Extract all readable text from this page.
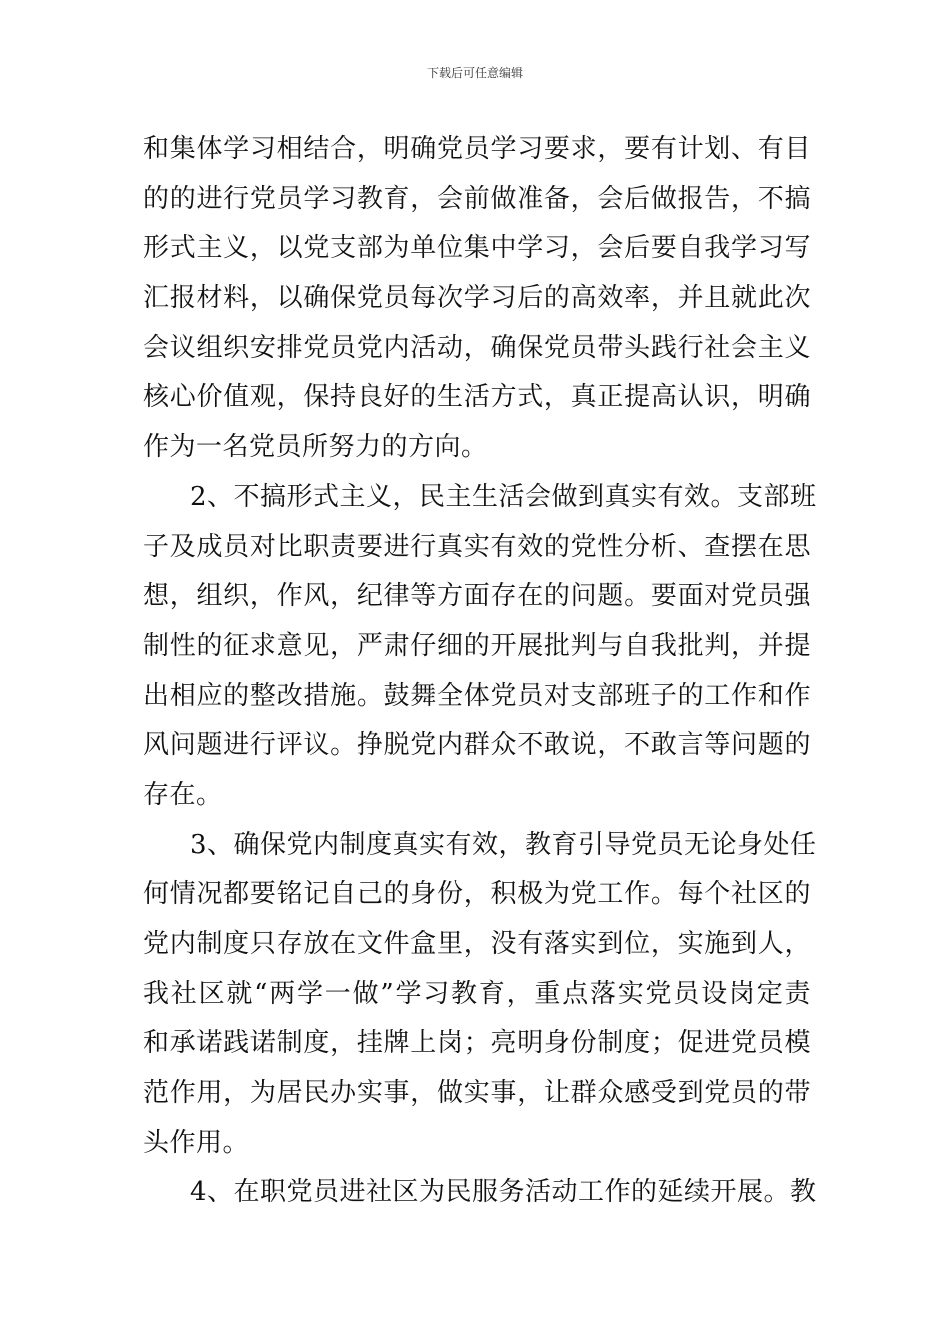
下载后可任意编辑
和集体学习相结合，明确党员学习要求，要有计划、有目
的的进行党员学习教育，会前做准备，会后做报告，不搞
形式主义，以党支部为单位集中学习，会后要自我学习写
汇报材料，以确保党员每次学习后的高效率，并且就此次
会议组织安排党员党内活动，确保党员带头践行社会主义
核心价值观，保持良好的生活方式，真正提高认识，明确
作为一名党员所努力的方向。
2、不搞形式主义，民主生活会做到真实有效。支部班
子及成员对比职责要进行真实有效的党性分析、查摆在思
想，组织，作风，纪律等方面存在的问题。要面对党员强
制性的征求意见，严肃仔细的开展批判与自我批判，并提
出相应的整改措施。鼓舞全体党员对支部班子的工作和作
风问题进行评议。挣脱党内群众不敢说，不敢言等问题的
存在。
3、确保党内制度真实有效，教育引导党员无论身处任
何情况都要铭记自己的身份，积极为党工作。每个社区的
党内制度只存放在文件盒里，没有落实到位，实施到人，
我社区就“两学一做”学习教育，重点落实党员设岗定责
和承诺践诺制度，挂牌上岗；亮明身份制度；促进党员模
范作用，为居民办实事，做实事，让群众感受到党员的带
头作用。
4、在职党员进社区为民服务活动工作的延续开展。教
